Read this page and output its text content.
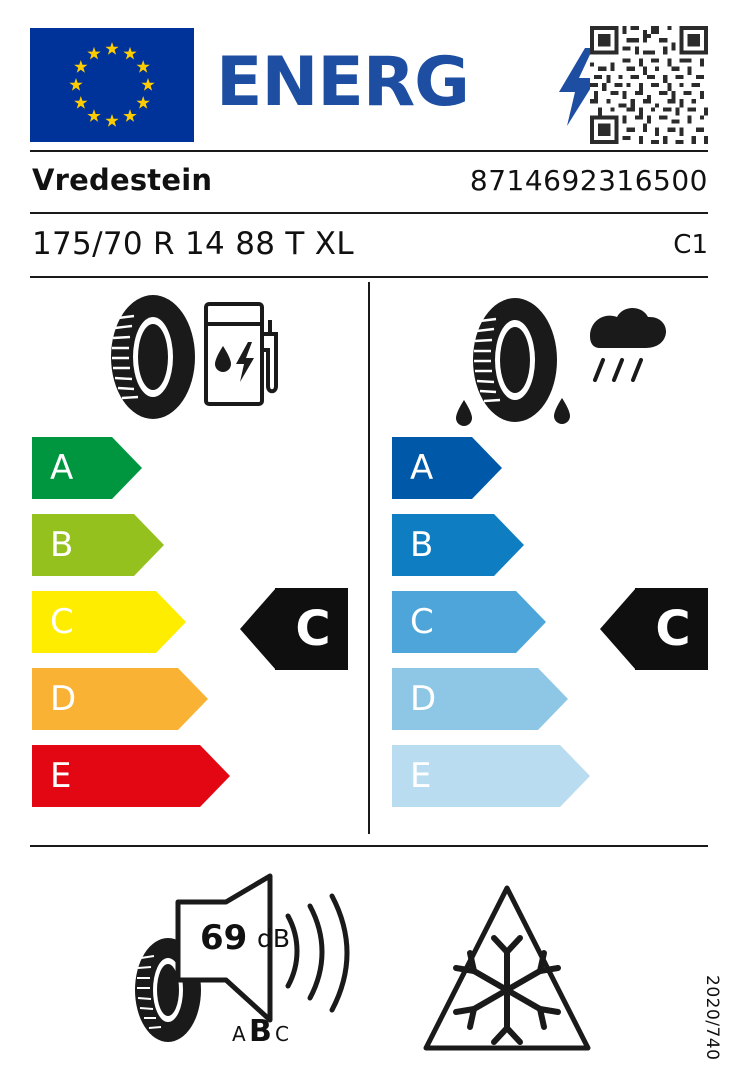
ENERG
Vredestein	8714692316500
175/70 R 14 88 T XL	C1
A
B
C
D
E
A
B
C
D
E
C	C
69 dB
A B C	2020/740
